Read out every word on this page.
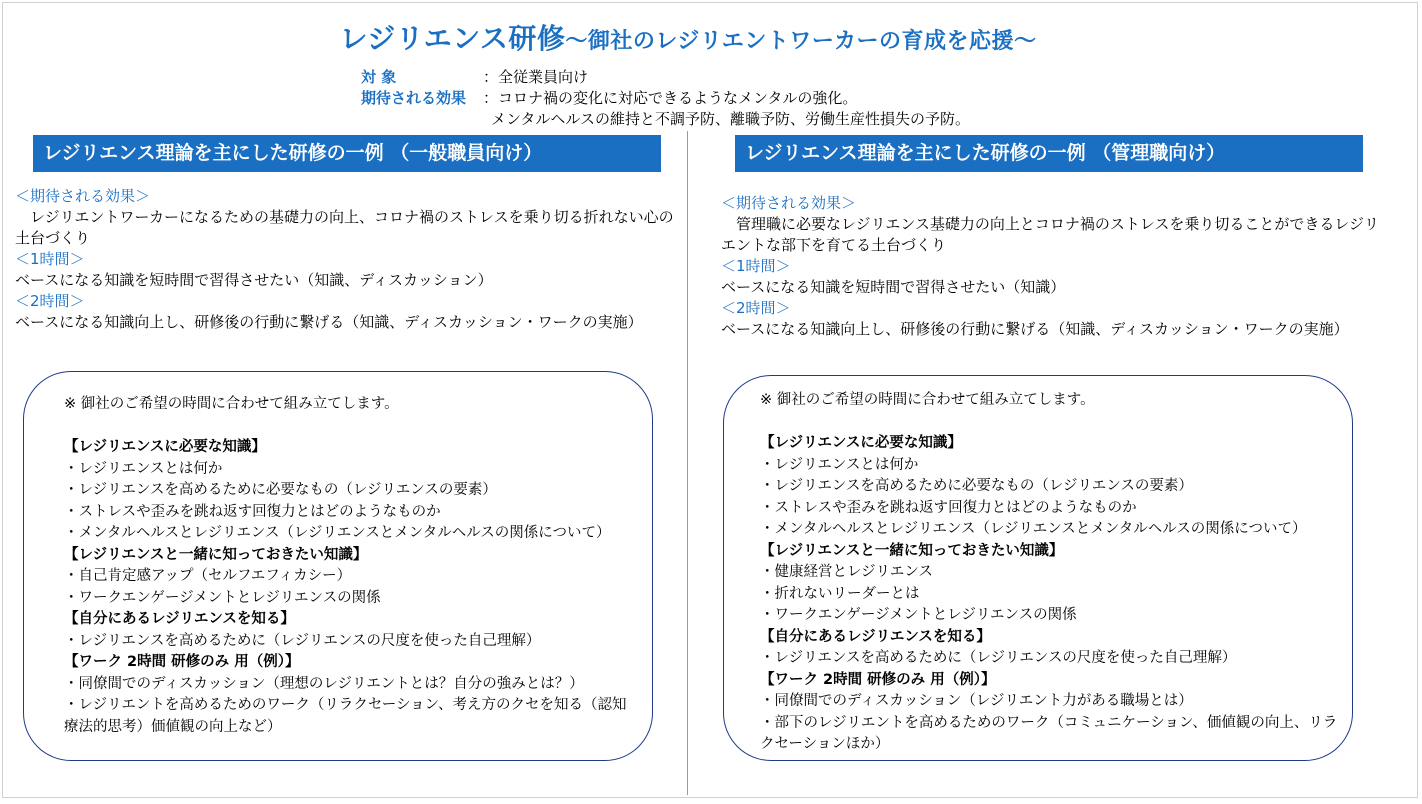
レジリエンス研修～御社のレジリエントワーカーの育成を応援～
対 象	：全従業員向け
期待される効果	：コロナ禍の変化に対応できるようなメンタルの強化。
メンタルヘルスの維持と不調予防、離職予防、労働生産性損失の予防。
レジリエンス理論を主にした研修の一例 （一般職員向け）
＜期待される効果＞
　レジリエントワーカーになるための基礎力の向上、コロナ禍のストレスを乗り切る折れない心の土台づくり
＜1時間＞
ベースになる知識を短時間で習得させたい（知識、ディスカッション）
＜2時間＞
ベースになる知識向上し、研修後の行動に繋げる（知識、ディスカッション・ワークの実施）
※ 御社のご希望の時間に合わせて組み立てします。
【レジリエンスに必要な知識】
・レジリエンスとは何か
・レジリエンスを高めるために必要なもの（レジリエンスの要素）
・ストレスや歪みを跳ね返す回復力とはどのようなものか
・メンタルヘルスとレジリエンス（レジリエンスとメンタルヘルスの関係について）
【レジリエンスと一緒に知っておきたい知識】
・自己肯定感アップ（セルフエフィカシー）
・ワークエンゲージメントとレジリエンスの関係
【自分にあるレジリエンスを知る】
・レジリエンスを高めるために（レジリエンスの尺度を使った自己理解）
【ワーク 2時間 研修のみ 用（例）】
・同僚間でのディスカッション（理想のレジリエントとは？自分の強みとは？）
・レジリエントを高めるためのワーク（リラクセーション、考え方のクセを知る（認知療法的思考）価値観の向上など）
レジリエンス理論を主にした研修の一例 （管理職向け）
＜期待される効果＞
　管理職に必要なレジリエンス基礎力の向上とコロナ禍のストレスを乗り切ることができるレジリエントな部下を育てる土台づくり
＜1時間＞
ベースになる知識を短時間で習得させたい（知識）
＜2時間＞
ベースになる知識向上し、研修後の行動に繋げる（知識、ディスカッション・ワークの実施）
※ 御社のご希望の時間に合わせて組み立てします。
【レジリエンスに必要な知識】
・レジリエンスとは何か
・レジリエンスを高めるために必要なもの（レジリエンスの要素）
・ストレスや歪みを跳ね返す回復力とはどのようなものか
・メンタルヘルスとレジリエンス（レジリエンスとメンタルヘルスの関係について）
【レジリエンスと一緒に知っておきたい知識】
・健康経営とレジリエンス
・折れないリーダーとは
・ワークエンゲージメントとレジリエンスの関係
【自分にあるレジリエンスを知る】
・レジリエンスを高めるために（レジリエンスの尺度を使った自己理解）
【ワーク 2時間 研修のみ 用（例）】
・同僚間でのディスカッション（レジリエント力がある職場とは）
・部下のレジリエントを高めるためのワーク（コミュニケーション、価値観の向上、リラクセーションほか）
